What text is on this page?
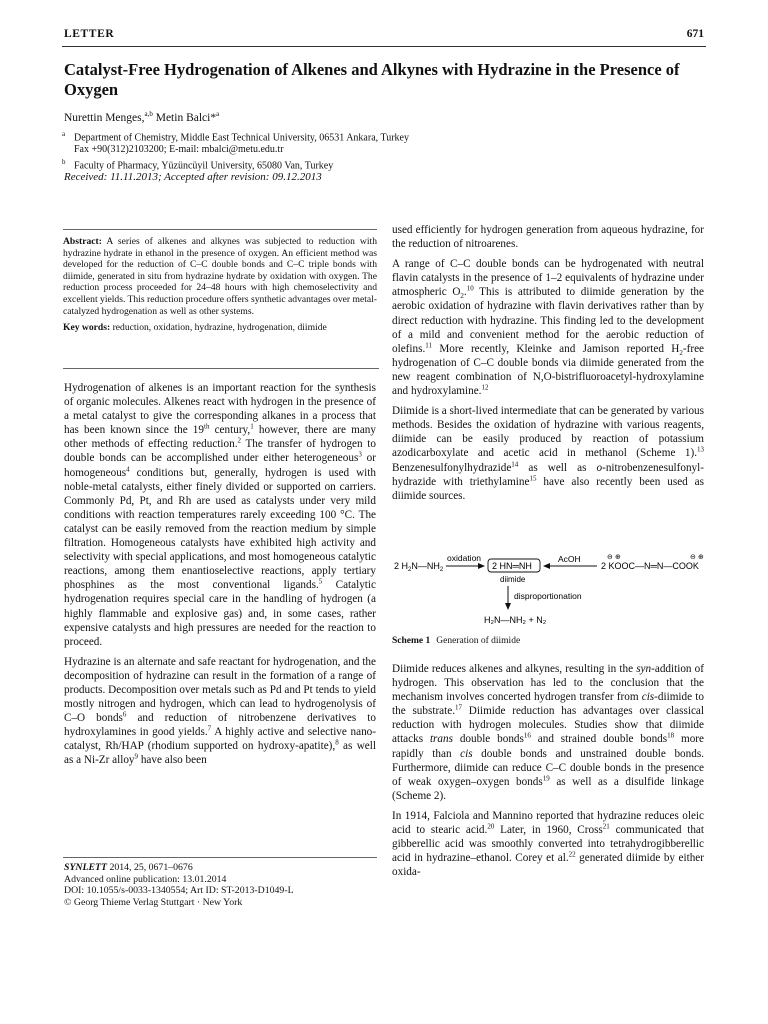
LETTER	671
Catalyst-Free Hydrogenation of Alkenes and Alkynes with Hydrazine in the Presence of Oxygen
Nurettin Menges,$^{a,b}$ Metin Balci*$^a$
$^a$ Department of Chemistry, Middle East Technical University, 06531 Ankara, Turkey
Fax +90(312)2103200; E-mail: mbalci@metu.edu.tr
$^b$ Faculty of Pharmacy, Yüzüncüyil University, 65080 Van, Turkey
Received: 11.11.2013; Accepted after revision: 09.12.2013

Abstract: A series of alkenes and alkynes was subjected to reduction with hydrazine hydrate in ethanol in the presence of oxygen. An efficient method was developed for the reduction of C–C double bonds and C–C triple bonds with diimide, generated in situ from hydrazine hydrate by oxidation with oxygen. The reduction process proceeded for 24–48 hours with high chemoselectivity and excellent yields. This reduction procedure offers synthetic advantages over metal-catalyzed hydrogenation as well as other systems.

Key words: reduction, oxidation, hydrazine, hydrogenation, diimide

Hydrogenation of alkenes is an important reaction for the synthesis of organic molecules. Alkenes react with hydrogen in the presence of a metal catalyst to give the corresponding alkanes in a process that has been known since the 19th century,$^1$ however, there are many other methods of effecting reduction.$^2$ The transfer of hydrogen to double bonds can be accomplished under either heterogeneous$^3$ or homogeneous$^4$ conditions but, generally, hydrogen is used with noble-metal catalysts, either finely divided or supported on carriers. Commonly Pd, Pt, and Rh are used as catalysts under very mild conditions with reaction temperatures rarely exceeding 100 °C. The catalyst can be easily removed from the reaction medium by simple filtration. Homogeneous catalysts have exhibited high activity and selectivity with special applications, and most homogeneous catalytic reactions, among them enantioselective reactions, apply tertiary phosphines as the most conventional ligands.$^5$ Catalytic hydrogenation requires special care in the handling of hydrogen (a highly flammable and explosive gas) and, in some cases, rather expensive catalysts and high pressures are needed for the reaction to proceed.

Hydrazine is an alternate and safe reactant for hydrogenation, and the decomposition of hydrazine can result in the formation of a range of products. Decomposition over metals such as Pd and Pt tends to yield mostly nitrogen and hydrogen, which can lead to hydrogenolysis of C–O bonds$^6$ and reduction of nitrobenzene derivatives to hydroxylamines in good yields.$^7$ A highly active and selective nano-catalyst, Rh/HAP (rhodium supported on hydroxy-apatite),$^8$ as well as a Ni-Zr alloy$^9$ have also been

used efficiently for hydrogen generation from aqueous hydrazine, for the reduction of nitroarenes.

A range of C–C double bonds can be hydrogenated with neutral flavin catalysts in the presence of 1–2 equivalents of hydrazine under atmospheric $O_2.^{10}$ This is attributed to diimide generation by the aerobic oxidation of hydrazine with flavin derivatives rather than by direct reduction with hydrazine. This finding led to the development of a mild and convenient method for the aerobic reduction of olefins.$^{11}$ More recently, Kleinke and Jamison reported $H_2$-free hydrogenation of C–C double bonds via diimide generated from the new reagent combination of N,O-bistrifluoroacetyl-hydroxylamine and hydroxylamine.$^{12}$

Diimide is a short-lived intermediate that can be generated by various methods. Besides the oxidation of hydrazine with various reagents, diimide can be easily produced by reaction of potassium azodicarboxylate and acetic acid in methanol (Scheme 1).$^{13}$ Benzenesulfonylhydrazide$^{14}$ as well as o-nitrobenzenesulfonyl-hydrazide with triethylamine$^{15}$ have also recently been used as diimide sources.

2 $H_2N—NH_2$
oxidation
2 HN═NH
diimide
AcOH
2 KOOC—N═N—COOK
⊖ ⊕	⊖ ⊕
disproportionation
H₂N—NH₂ + N₂
Scheme 1 Generation of diimide

Diimide reduces alkenes and alkynes, resulting in the syn-addition of hydrogen. This observation has led to the conclusion that the mechanism involves concerted hydrogen transfer from cis-diimide to the substrate.$^{17}$ Diimide reduction has advantages over classical reduction with hydrogen molecules. Studies show that diimide attacks trans double bonds$^{16}$ and strained double bonds$^{18}$ more rapidly than cis double bonds and unstrained double bonds. Furthermore, diimide can reduce C–C double bonds in the presence of weak oxygen–oxygen bonds$^{19}$ as well as a disulfide linkage (Scheme 2).

In 1914, Falciola and Mannino reported that hydrazine reduces oleic acid to stearic acid.$^{20}$ Later, in 1960, Cross$^{21}$ communicated that gibberellic acid was smoothly converted into tetrahydrogibberellic acid in hydrazine–ethanol. Corey et al.$^{22}$ generated diimide by either oxida-

SYNLETT 2014, 25, 0671–0676
Advanced online publication: 13.01.2014
DOI: 10.1055/s-0033-1340554; Art ID: ST-2013-D1049-L
© Georg Thieme Verlag Stuttgart · New York
